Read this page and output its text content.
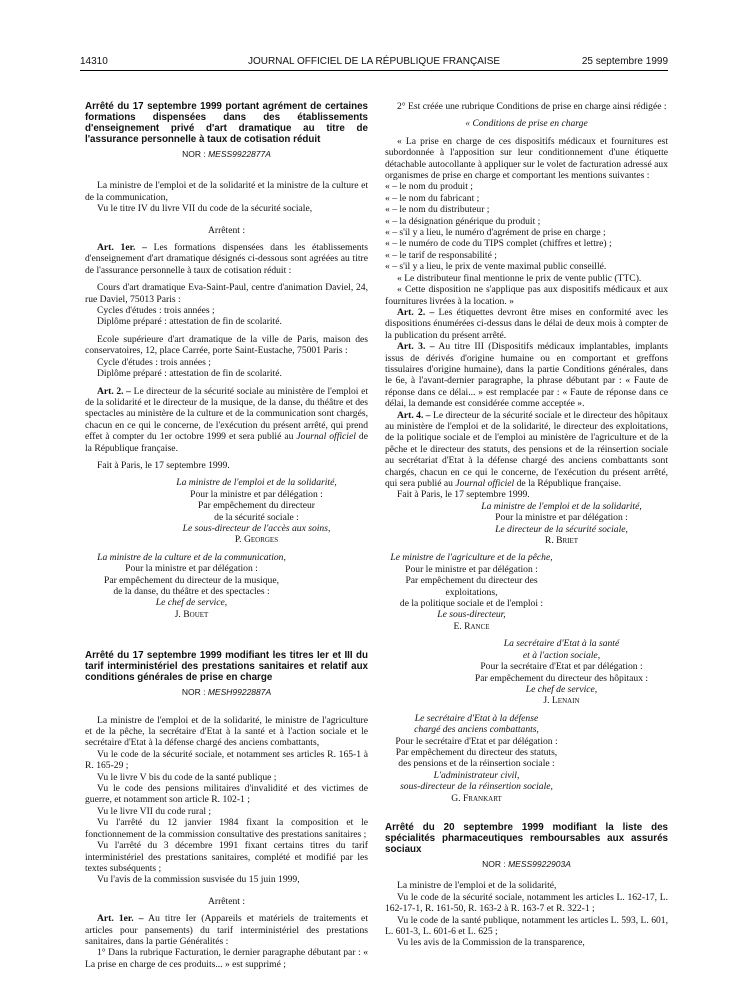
14310	JOURNAL OFFICIEL DE LA RÉPUBLIQUE FRANÇAISE	25 septembre 1999

Arrêté du 17 septembre 1999 portant agrément de certaines formations dispensées dans des établissements d'enseignement privé d'art dramatique au titre de l'assurance personnelle à taux de cotisation réduit

NOR : MESS9922877A

La ministre de l'emploi et de la solidarité et la ministre de la culture et de la communication,

Vu le titre IV du livre VII du code de la sécurité sociale,

Arrêtent :

Art. 1er. – Les formations dispensées dans les établissements d'enseignement d'art dramatique désignés ci-dessous sont agréées au titre de l'assurance personnelle à taux de cotisation réduit :

Cours d'art dramatique Eva-Saint-Paul, centre d'animation Daviel, 24, rue Daviel, 75013 Paris :

Cycles d'études : trois années ;

Diplôme préparé : attestation de fin de scolarité.

Ecole supérieure d'art dramatique de la ville de Paris, maison des conservatoires, 12, place Carrée, porte Saint-Eustache, 75001 Paris :

Cycle d'études : trois années ;

Diplôme préparé : attestation de fin de scolarité.

Art. 2. – Le directeur de la sécurité sociale au ministère de l'emploi et de la solidarité et le directeur de la musique, de la danse, du théâtre et des spectacles au ministère de la culture et de la communication sont chargés, chacun en ce qui le concerne, de l'exécution du présent arrêté, qui prend effet à compter du 1er octobre 1999 et sera publié au Journal officiel de la République française.

Fait à Paris, le 17 septembre 1999.

La ministre de l'emploi et de la solidarité,

Pour la ministre et par délégation :

Par empêchement du directeur

de la sécurité sociale :

Le sous-directeur de l'accès aux soins,

P. Georges

La ministre de la culture et de la communication,

Pour la ministre et par délégation :

Par empêchement du directeur de la musique,

de la danse, du théâtre et des spectacles :

Le chef de service,

J. Bouet

Arrêté du 17 septembre 1999 modifiant les titres Ier et III du tarif interministériel des prestations sanitaires et relatif aux conditions générales de prise en charge

NOR : MESH9922887A

La ministre de l'emploi et de la solidarité, le ministre de l'agriculture et de la pêche, la secrétaire d'Etat à la santé et à l'action sociale et le secrétaire d'Etat à la défense chargé des anciens combattants,

Vu le code de la sécurité sociale, et notamment ses articles R. 165-1 à R. 165-29 ;

Vu le livre V bis du code de la santé publique ;

Vu le code des pensions militaires d'invalidité et des victimes de guerre, et notamment son article R. 102-1 ;

Vu le livre VII du code rural ;

Vu l'arrêté du 12 janvier 1984 fixant la composition et le fonctionnement de la commission consultative des prestations sanitaires ;

Vu l'arrêté du 3 décembre 1991 fixant certains titres du tarif interministériel des prestations sanitaires, complété et modifié par les textes subséquents ;

Vu l'avis de la commission susvisée du 15 juin 1999,

Arrêtent :

Art. 1er. – Au titre Ier (Appareils et matériels de traitements et articles pour pansements) du tarif interministériel des prestations sanitaires, dans la partie Généralités :

1° Dans la rubrique Facturation, le dernier paragraphe débutant par : « La prise en charge de ces produits... » est supprimé ;

2° Est créée une rubrique Conditions de prise en charge ainsi rédigée :

« Conditions de prise en charge

« La prise en charge de ces dispositifs médicaux et fournitures est subordonnée à l'apposition sur leur conditionnement d'une étiquette détachable autocollante à appliquer sur le volet de facturation adressé aux organismes de prise en charge et comportant les mentions suivantes :

« – le nom du produit ;

« – le nom du fabricant ;

« – le nom du distributeur ;

« – la désignation générique du produit ;

« – s'il y a lieu, le numéro d'agrément de prise en charge ;

« – le numéro de code du TIPS complet (chiffres et lettre) ;

« – le tarif de responsabilité ;

« – s'il y a lieu, le prix de vente maximal public conseillé.

« Le distributeur final mentionne le prix de vente public (TTC).

« Cette disposition ne s'applique pas aux dispositifs médicaux et aux fournitures livrées à la location. »

Art. 2. – Les étiquettes devront être mises en conformité avec les dispositions énumérées ci-dessus dans le délai de deux mois à compter de la publication du présent arrêté.

Art. 3. – Au titre III (Dispositifs médicaux implantables, implants issus de dérivés d'origine humaine ou en comportant et greffons tissulaires d'origine humaine), dans la partie Conditions générales, dans le 6e, à l'avant-dernier paragraphe, la phrase débutant par : « Faute de réponse dans ce délai... » est remplacée par : « Faute de réponse dans ce délai, la demande est considérée comme acceptée ».

Art. 4. – Le directeur de la sécurité sociale et le directeur des hôpitaux au ministère de l'emploi et de la solidarité, le directeur des exploitations, de la politique sociale et de l'emploi au ministère de l'agriculture et de la pêche et le directeur des statuts, des pensions et de la réinsertion sociale au secrétariat d'Etat à la défense chargé des anciens combattants sont chargés, chacun en ce qui le concerne, de l'exécution du présent arrêté, qui sera publié au Journal officiel de la République française.

Fait à Paris, le 17 septembre 1999.

La ministre de l'emploi et de la solidarité,

Pour la ministre et par délégation :

Le directeur de la sécurité sociale,

R. Briet

Le ministre de l'agriculture et de la pêche,

Pour le ministre et par délégation :

Par empêchement du directeur des exploitations,

de la politique sociale et de l'emploi :

Le sous-directeur,

E. Rance

La secrétaire d'Etat à la santé

et à l'action sociale,

Pour la secrétaire d'Etat et par délégation :

Par empêchement du directeur des hôpitaux :

Le chef de service,

J. Lenain

Le secrétaire d'Etat à la défense

chargé des anciens combattants,

Pour le secrétaire d'Etat et par délégation :

Par empêchement du directeur des statuts,

des pensions et de la réinsertion sociale :

L'administrateur civil,

sous-directeur de la réinsertion sociale,

G. Frankart

Arrêté du 20 septembre 1999 modifiant la liste des spécialités pharmaceutiques remboursables aux assurés sociaux

NOR : MESS9922903A

La ministre de l'emploi et de la solidarité,

Vu le code de la sécurité sociale, notamment les articles L. 162-17, L. 162-17-1, R. 161-50, R. 163-2 à R. 163-7 et R. 322-1 ;

Vu le code de la santé publique, notamment les articles L. 593, L. 601, L. 601-3, L. 601-6 et L. 625 ;

Vu les avis de la Commission de la transparence,
